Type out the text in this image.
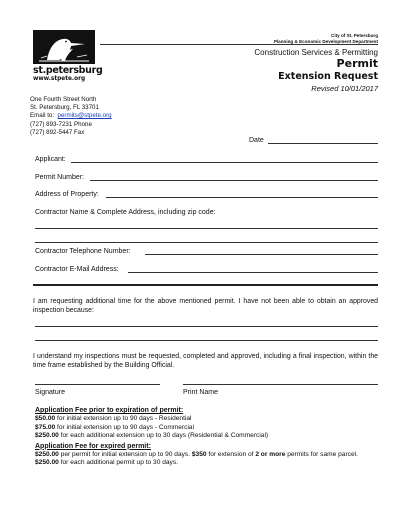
st.petersburg
www.stpete.org
City of St. Petersburg
Planning & Economic Development Department
Construction Services & Permitting
Permit
Extension Request
Revised 10/01/2017
One Fourth Street North
St. Petersburg, FL 33701
Email to: permits@stpete.org
(727) 893-7231 Phone
(727) 892-5447 Fax
Date
Applicant:
Permit Number:
Address of Property:
Contractor Name & Complete Address, including zip code:
Contractor Telephone Number:
Contractor E-Mail Address:
I am requesting additional time for the above mentioned permit. I have not been able to obtain an approved inspection because:
I understand my inspections must be requested, completed and approved, including a final inspection, within the time frame established by the Building Official.
Signature	Print Name
Application Fee prior to expiration of permit:
$50.00 for initial extension up to 90 days - Residential
$75.00 for initial extension up to 90 days - Commercial
$250.00 for each additional extension up to 30 days (Residential & Commercial)
Application Fee for expired permit:
$250.00 per permit for initial extension up to 90 days. $350 for extension of 2 or more permits for same parcel.
$250.00 for each additional permit up to 30 days.
